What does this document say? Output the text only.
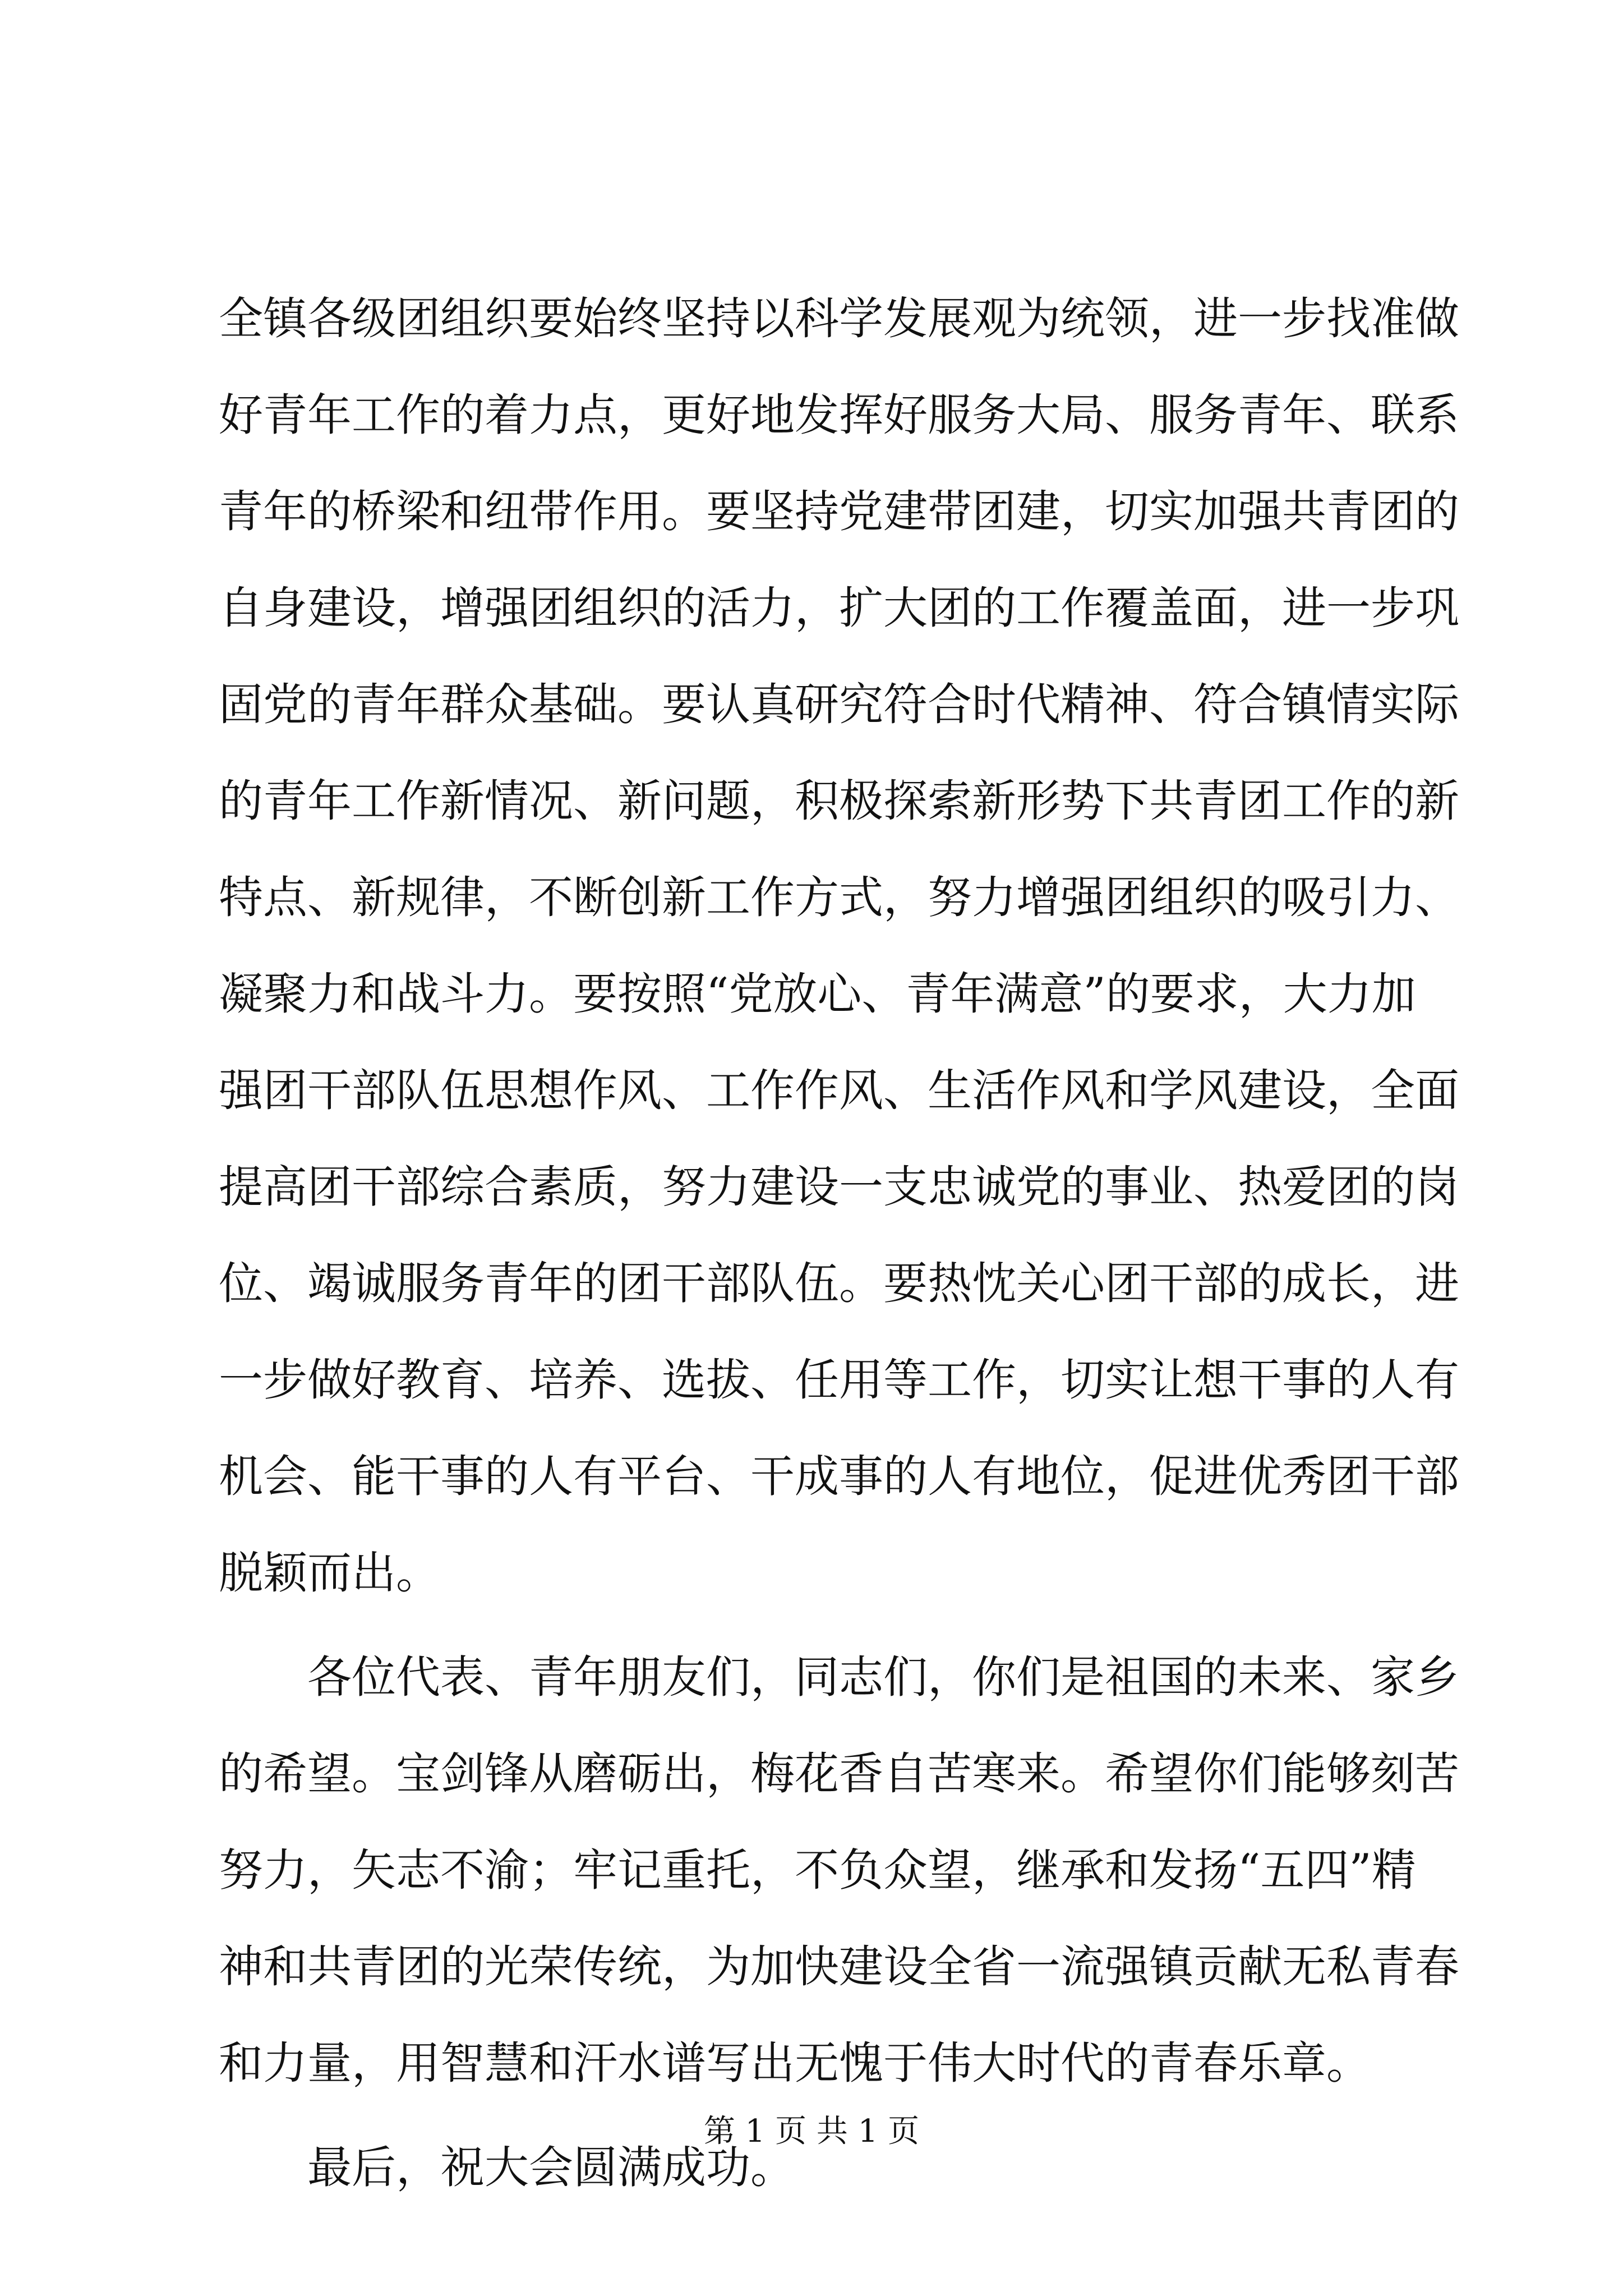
全镇各级团组织要始终坚持以科学发展观为统领，进一步找准做
好青年工作的着力点，更好地发挥好服务大局、服务青年、联系
青年的桥梁和纽带作用。要坚持党建带团建，切实加强共青团的
自身建设，增强团组织的活力，扩大团的工作覆盖面，进一步巩
固党的青年群众基础。要认真研究符合时代精神、符合镇情实际
的青年工作新情况、新问题，积极探索新形势下共青团工作的新
特点、新规律，不断创新工作方式，努力增强团组织的吸引力、
凝聚力和战斗力。要按照“党放心、青年满意”的要求，大力加
强团干部队伍思想作风、工作作风、生活作风和学风建设，全面
提高团干部综合素质，努力建设一支忠诚党的事业、热爱团的岗
位、竭诚服务青年的团干部队伍。要热忱关心团干部的成长，进
一步做好教育、培养、选拔、任用等工作，切实让想干事的人有
机会、能干事的人有平台、干成事的人有地位，促进优秀团干部
脱颖而出。
各位代表、青年朋友们，同志们，你们是祖国的未来、家乡
的希望。宝剑锋从磨砺出，梅花香自苦寒来。希望你们能够刻苦
努力，矢志不渝；牢记重托，不负众望，继承和发扬“五四”精
神和共青团的光荣传统，为加快建设全省一流强镇贡献无私青春
和力量，用智慧和汗水谱写出无愧于伟大时代的青春乐章。
最后，祝大会圆满成功。
第 1 页 共 1 页
